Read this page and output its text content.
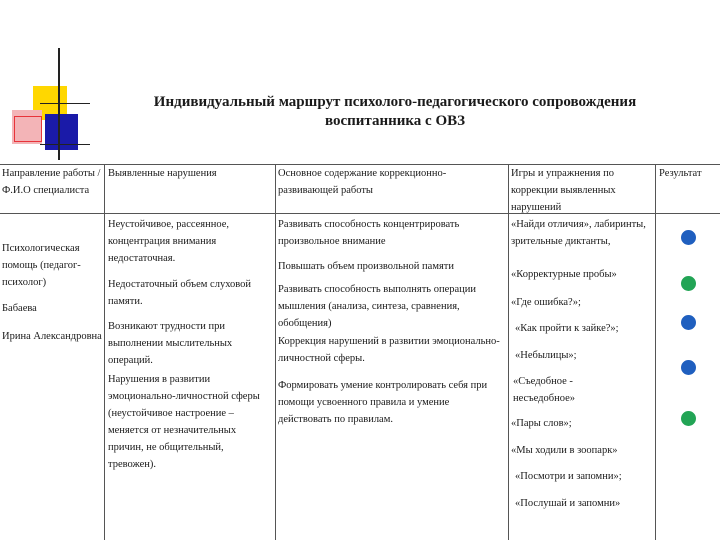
Индивидуальный маршрут психолого-педагогического сопровождения
воспитанника с ОВЗ
Направление работы / Ф.И.О специалиста
Выявленные нарушения	Основное содержание коррекционно-развивающей работы
Игры и упражнения по коррекции выявленных нарушений
Результат
Психологическая помощь (педагог-психолог)
Бабаева
Ирина Александровна
Неустойчивое, рассеянное, концентрация внимания недостаточная.
Недостаточный объем слуховой памяти.
Возникают трудности при выполнении мыслительных операций.
Нарушения в развитии эмоционально-личностной сферы (неустойчивое настроение – меняется от незначительных причин, не общительный, тревожен).
Развивать способность концентрировать произвольное внимание
Повышать объем произвольной памяти
Развивать способность выполнять операции мышления (анализа, синтеза, сравнения, обобщения)
Коррекция нарушений в развитии эмоционально-личностной сферы.
Формировать умение контролировать себя при помощи усвоенного правила и умение действовать по правилам.
«Найди отличия», лабиринты, зрительные диктанты,
«Корректурные пробы»
«Где ошибка?»;
«Как пройти к зайке?»;
«Небылицы»;
«Съедобное - несъедобное»
«Пары слов»;
«Мы ходили в зоопарк»
«Посмотри и запомни»;
«Послушай и запомни»
